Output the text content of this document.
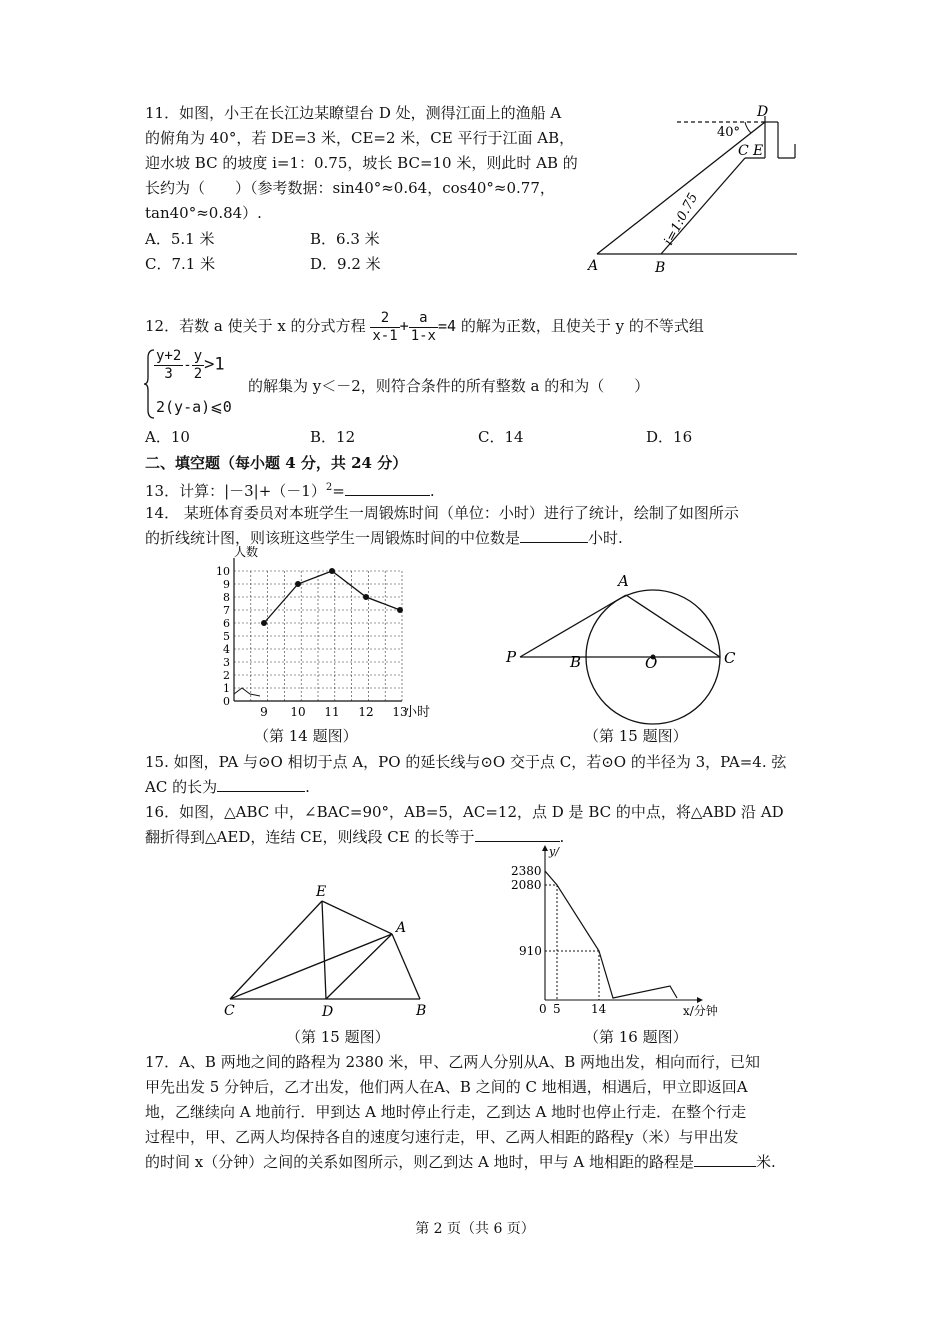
11．如图，小王在长江边某瞭望台 D 处，测得江面上的渔船 A
的俯角为 40°，若 DE=3 米，CE=2 米，CE 平行于江面 AB，
迎水坡 BC 的坡度 i=1：0.75，坡长 BC=10 米，则此时 AB 的
长约为（　　）（参考数据：sin40°≈0.64，cos40°≈0.77，
tan40°≈0.84）.
A．5.1 米	B．6.3 米
C．7.1 米	D．9.2 米
40°
D
C E
A	B
i=1:0.75
12．若数 a 使关于 x 的分式方程 $\frac{2}{x-1} + \frac{a}{1-x} =4$ 的解为正数，且使关于 y 的不等式组
$\frac{y+2}{3} - \frac{y}{2} >1$
2(y-a)⩽0
的解集为 y＜－2，则符合条件的所有整数 a 的和为（　　）
A．10	B．12	C．14	D．16
二、填空题（每小题 4 分，共 24 分）
13．计算：$|-3|+(-1)^2=$	.
14． 某班体育委员对本班学生一周锻炼时间（单位：小时）进行了统计，绘制了如图所示
的折线统计图，则该班这些学生一周锻炼时间的中位数是	小时.
0
1
2
3
4
5
6
7
8
9
10
9 10 11 12 13
人数
小时
（第 14 题图）
P
A
B	O	C
（第 15 题图）
15. 如图，PA 与⊙O 相切于点 A，PO 的延长线与⊙O 交于点 C，若⊙O 的半径为 3，PA=4. 弦
AC 的长为	.
16．如图，△ABC 中，∠BAC=90°，AB=5，AC=12，点 D 是 BC 的中点，将△ABD 沿 AD
翻折得到△AED，连结 CE，则线段 CE 的长等于	.
E
A
C	D	B
（第 15 题图）
2380
2080
910
0 5	14
y/
x/分钟
（第 16 题图）
17．A、B 两地之间的路程为 2380 米，甲、乙两人分别从A、B 两地出发，相向而行，已知
甲先出发 5 分钟后，乙才出发，他们两人在A、B 之间的 C 地相遇，相遇后，甲立即返回A
地，乙继续向 A 地前行．甲到达 A 地时停止行走，乙到达 A 地时也停止行走．在整个行走
过程中，甲、乙两人均保持各自的速度匀速行走，甲、乙两人相距的路程y（米）与甲出发
的时间 x（分钟）之间的关系如图所示，则乙到达 A 地时，甲与 A 地相距的路程是	米.
第 2 页（共 6 页）
